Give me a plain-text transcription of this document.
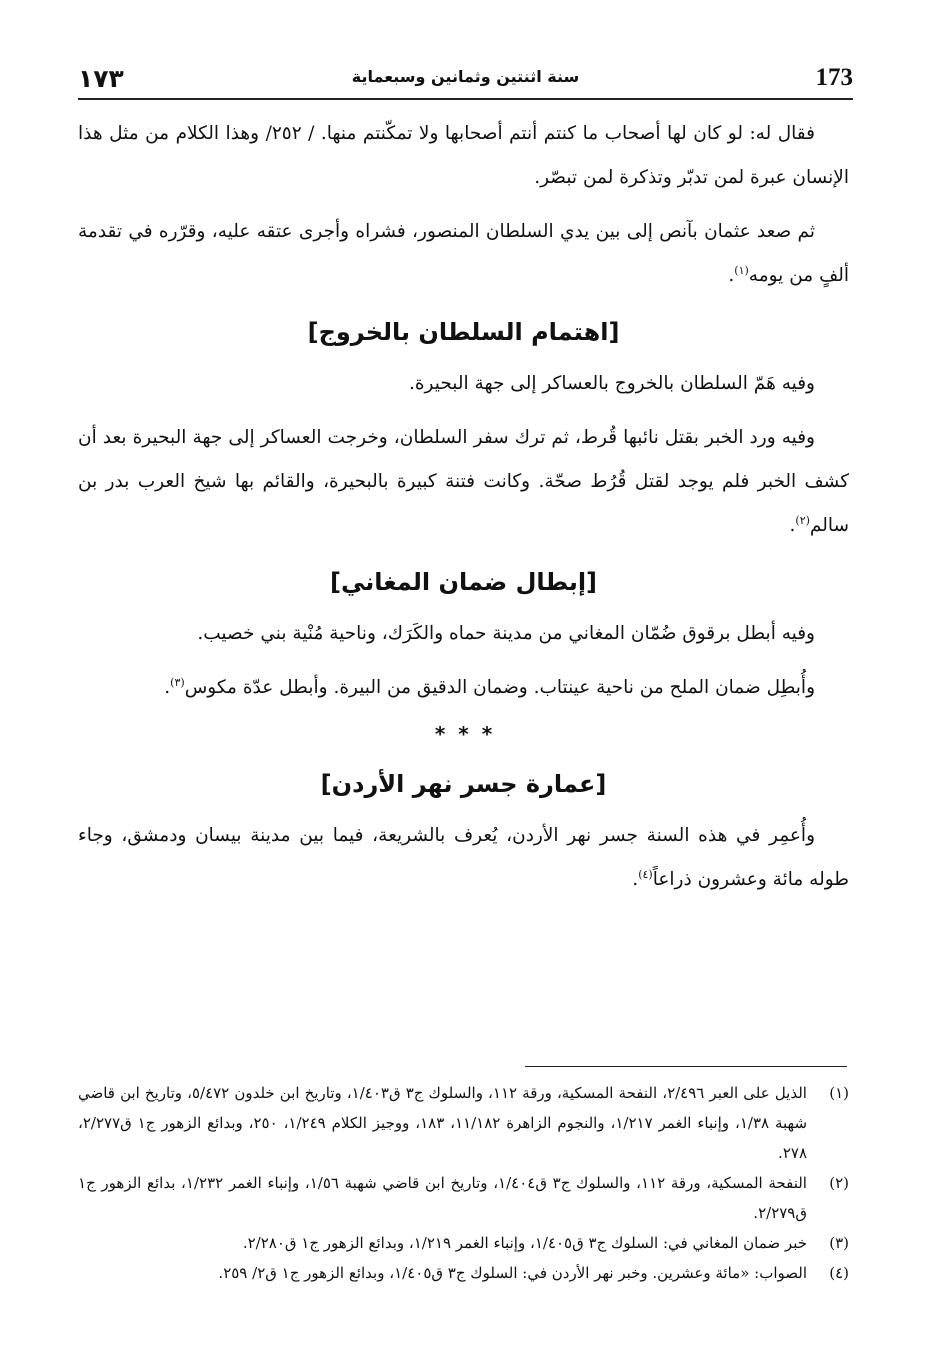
١٧٣	سنة اثنتين وثمانين وسبعماية	173

فقال له: لو كان لها أصحاب ما كنتم أنتم أصحابها ولا تمكّنتم منها. / ٢٥٢/ وهذا الكلام من مثل هذا الإنسان عبرة لمن تدبّر وتذكرة لمن تبصّر.

ثم صعد عثمان بآنص إلى بين يدي السلطان المنصور، فشراه وأجرى عتقه عليه، وقرّره في تقدمة ألفٍ من يومه$^{(١)}$.

[اهتمام السلطان بالخروج]

وفيه هَمّ السلطان بالخروج بالعساكر إلى جهة البحيرة.

وفيه ورد الخبر بقتل نائبها قُرط، ثم ترك سفر السلطان، وخرجت العساكر إلى جهة البحيرة بعد أن كشف الخبر فلم يوجد لقتل قُرُط صحّة. وكانت فتنة كبيرة بالبحيرة، والقائم بها شيخ العرب بدر بن سالم$^{(٢)}$.

[إبطال ضمان المغاني]

وفيه أبطل برقوق ضُمّان المغاني من مدينة حماه والكَرَك، وناحية مُنْية بني خصيب.

وأُبطِل ضمان الملح من ناحية عينتاب. وضمان الدقيق من البيرة. وأبطل عدّة مكوس$^{(٣)}$.

* * *
[عمارة جسر نهر الأردن]

وأُعمِر في هذه السنة جسر نهر الأردن، يُعرف بالشريعة، فيما بين مدينة بيسان ودمشق، وجاء طوله مائة وعشرون ذراعاً$^{(٤)}$.

(١)
الذيل على العبر ٢/٤٩٦، النفحة المسكية، ورقة ١١٢، والسلوك ج٣ ق١/٤٠٣، وتاريخ ابن خلدون ٥/٤٧٢، وتاريخ ابن قاضي شهبة ١/٣٨، وإنباء الغمر ١/٢١٧، والنجوم الزاهرة ١١/١٨٢، ١٨٣، ووجيز الكلام ١/٢٤٩، ٢٥٠، وبدائع الزهور ج١ ق٢/٢٧٧، ٢٧٨.
(٢)
النفحة المسكية، ورقة ١١٢، والسلوك ج٣ ق١/٤٠٤، وتاريخ ابن قاضي شهبة ١/٥٦، وإنباء الغمر ١/٢٣٢، بدائع الزهور ج١ ق٢/٢٧٩.
(٣)
خبر ضمان المغاني في: السلوك ج٣ ق١/٤٠٥، وإنباء الغمر ١/٢١٩، وبدائع الزهور ج١ ق٢/٢٨٠.
(٤)
الصواب: «مائة وعشرين. وخبر نهر الأردن في: السلوك ج٣ ق١/٤٠٥، وبدائع الزهور ج١ ق٢/ ٢٥٩.
